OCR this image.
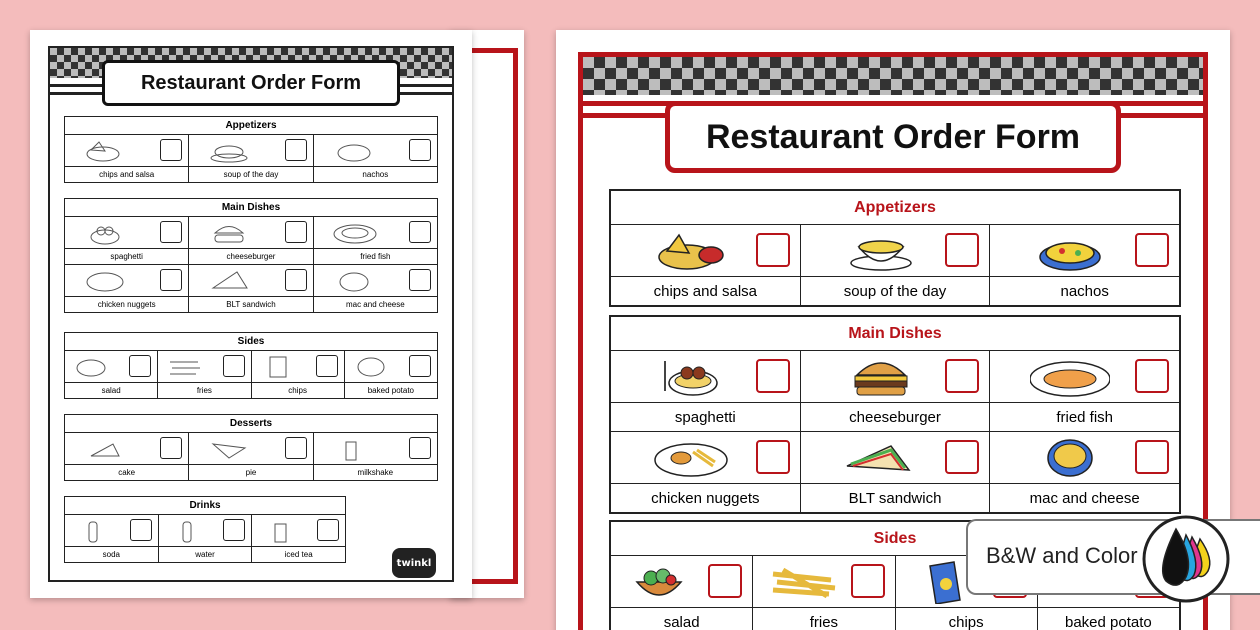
Restaurant Order Form
Appetizers
chips and salsa	soup of the day	nachos
Main Dishes
spaghetti	cheeseburger	fried fish
chicken nuggets	BLT sandwich	mac and cheese
Sides
salad	fries	chips	baked potato
Desserts
cake	pie	milkshake
Drinks
soda	water	iced tea
twinkl
Restaurant Order Form
Appetizers
chips and salsa	soup of the day	nachos
Main Dishes
spaghetti	cheeseburger	fried fish
chicken nuggets	BLT sandwich	mac and cheese
Sides
salad	fries	chips	baked potato
B&W and Color
